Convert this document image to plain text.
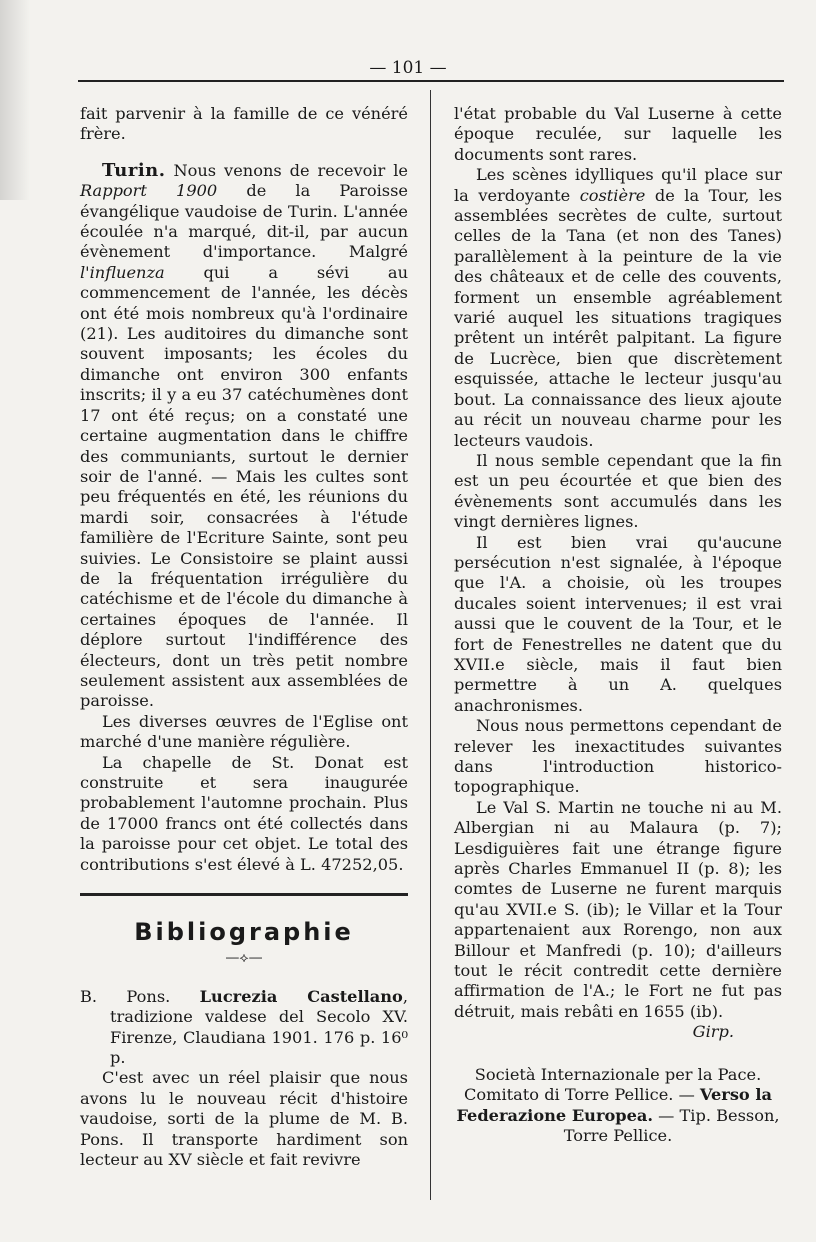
— 101 —

fait parvenir à la famille de ce vénéré frère.

Turin. Nous venons de recevoir le Rapport 1900 de la Paroisse évangélique vaudoise de Turin. L'année écoulée n'a marqué, dit-il, par aucun évènement d'importance. Malgré l'influenza qui a sévi au commencement de l'année, les décès ont été mois nombreux qu'à l'ordinaire (21). Les auditoires du dimanche sont souvent imposants; les écoles du dimanche ont environ 300 enfants inscrits; il y a eu 37 catéchumènes dont 17 ont été reçus; on a constaté une certaine augmentation dans le chiffre des communiants, surtout le dernier soir de l'anné. — Mais les cultes sont peu fréquentés en été, les réunions du mardi soir, consacrées à l'étude familière de l'Ecriture Sainte, sont peu suivies. Le Consistoire se plaint aussi de la fréquentation irrégulière du catéchisme et de l'école du dimanche à certaines époques de l'année. Il déplore surtout l'indifférence des électeurs, dont un très petit nombre seulement assistent aux assemblées de paroisse.

Les diverses œuvres de l'Eglise ont marché d'une manière régulière.

La chapelle de St. Donat est construite et sera inaugurée probablement l'automne prochain. Plus de 17000 francs ont été collectés dans la paroisse pour cet objet. Le total des contributions s'est élevé à L. 47252,05.

Bibliographie
—⟡—

B. Pons. Lucrezia Castellano, tradizione valdese del Secolo XV. Firenze, Claudiana 1901. 176 p. 16⁰ p.

C'est avec un réel plaisir que nous avons lu le nouveau récit d'histoire vaudoise, sorti de la plume de M. B. Pons. Il transporte hardiment son lecteur au XV siècle et fait revivre

l'état probable du Val Luserne à cette époque reculée, sur laquelle les documents sont rares.

Les scènes idylliques qu'il place sur la verdoyante costière de la Tour, les assemblées secrètes de culte, surtout celles de la Tana (et non des Tanes) parallèlement à la peinture de la vie des châteaux et de celle des couvents, forment un ensemble agréablement varié auquel les situations tragiques prêtent un intérêt palpitant. La figure de Lucrèce, bien que discrètement esquissée, attache le lecteur jusqu'au bout. La connaissance des lieux ajoute au récit un nouveau charme pour les lecteurs vaudois.

Il nous semble cependant que la fin est un peu écourtée et que bien des évènements sont accumulés dans les vingt dernières lignes.

Il est bien vrai qu'aucune persécution n'est signalée, à l'époque que l'A. a choisie, où les troupes ducales soient intervenues; il est vrai aussi que le couvent de la Tour, et le fort de Fenestrelles ne datent que du XVII.e siècle, mais il faut bien permettre à un A. quelques anachronismes.

Nous nous permettons cependant de relever les inexactitudes suivantes dans l'introduction historico-topographique.

Le Val S. Martin ne touche ni au M. Albergian ni au Malaura (p. 7); Lesdiguières fait une étrange figure après Charles Emmanuel II (p. 8); les comtes de Luserne ne furent marquis qu'au XVII.e S. (ib); le Villar et la Tour appartenaient aux Rorengo, non aux Billour et Manfredi (p. 10); d'ailleurs tout le récit contredit cette dernière affirmation de l'A.; le Fort ne fut pas détruit, mais rebâti en 1655 (ib).

Girp.

Società Internazionale per la Pace.
Comitato di Torre Pellice. — Verso la Federazione Europea. — Tip. Besson, Torre Pellice.
